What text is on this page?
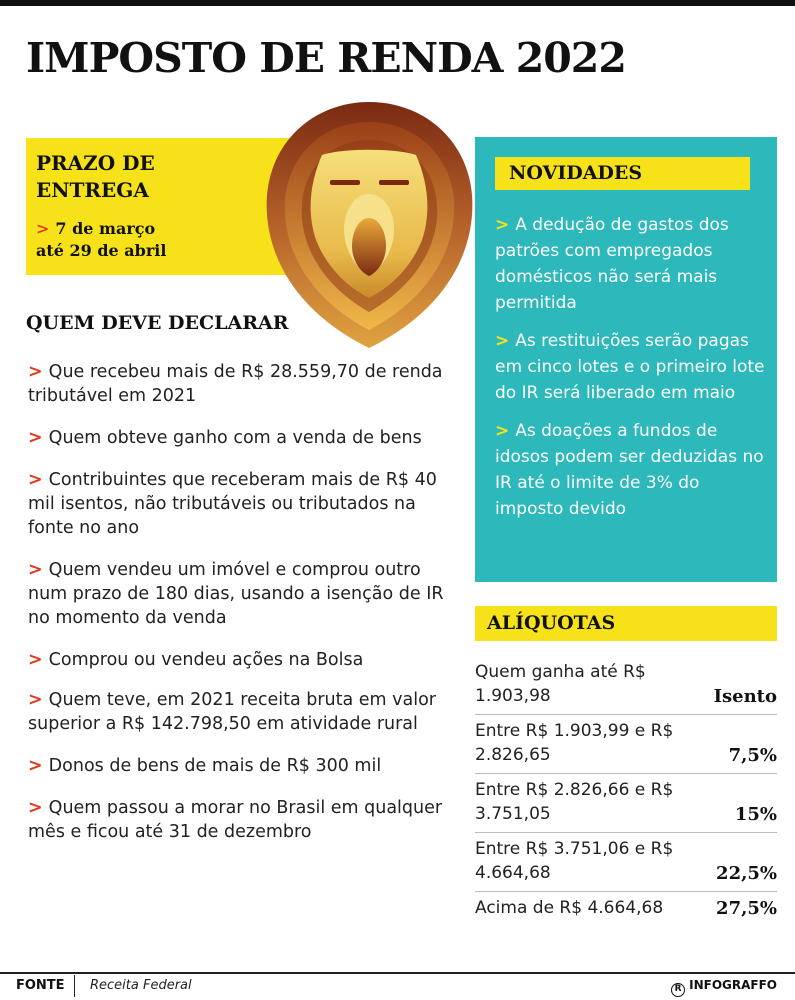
IMPOSTO DE RENDA 2022
PRAZO DE ENTREGA
> 7 de março
até 29 de abril
QUEM DEVE DECLARAR
> Que recebeu mais de R$ 28.559,70 de renda tributável em 2021
> Quem obteve ganho com a venda de bens
> Contribuintes que receberam mais de R$ 40 mil isentos, não tributáveis ou tributados na fonte no ano
> Quem vendeu um imóvel e comprou outro num prazo de 180 dias, usando a isenção de IR no momento da venda
> Comprou ou vendeu ações na Bolsa
> Quem teve, em 2021 receita bruta em valor superior a R$ 142.798,50 em atividade rural
> Donos de bens de mais de R$ 300 mil
> Quem passou a morar no Brasil em qualquer mês e ficou até 31 de dezembro
NOVIDADES
> A dedução de gastos dos patrões com empregados domésticos não será mais permitida
> As restituições serão pagas em cinco lotes e o primeiro lote do IR será liberado em maio
> As doações a fundos de idosos podem ser deduzidas no IR até o limite de 3% do imposto devido
ALÍQUOTAS
Quem ganha até R$ 1.903,98	Isento
Entre R$ 1.903,99 e R$ 2.826,65	7,5%
Entre R$ 2.826,66 e R$ 3.751,05	15%
Entre R$ 3.751,06 e R$ 4.664,68	22,5%
Acima de R$ 4.664,68	27,5%
FONTE Receita Federal	R INFOGRAFFO
